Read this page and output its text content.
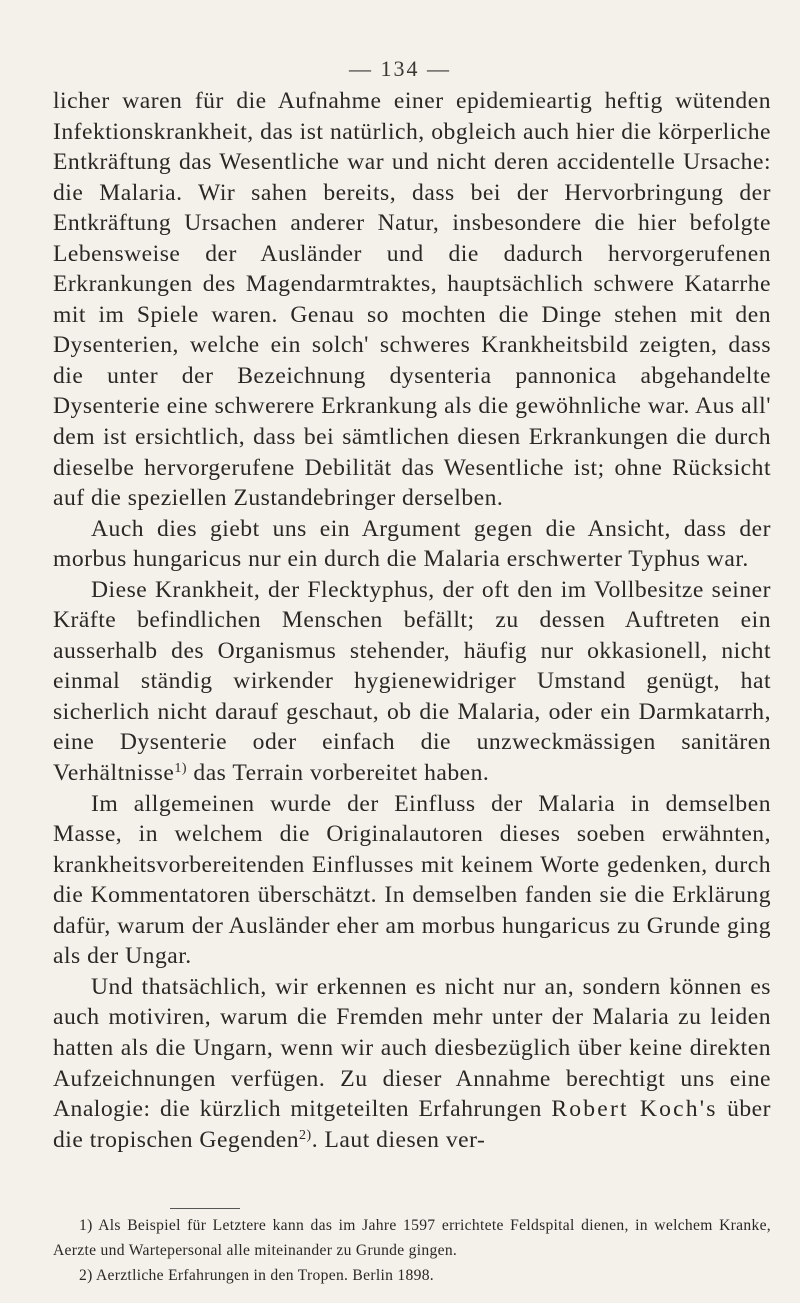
— 134 —

licher waren für die Aufnahme einer epidemieartig heftig wütenden Infektionskrankheit, das ist natürlich, obgleich auch hier die körperliche Entkräftung das Wesentliche war und nicht deren accidentelle Ursache: die Malaria. Wir sahen bereits, dass bei der Hervorbringung der Entkräftung Ursachen anderer Natur, insbesondere die hier befolgte Lebensweise der Ausländer und die dadurch hervorgerufenen Erkrankungen des Magendarmtraktes, hauptsächlich schwere Katarrhe mit im Spiele waren. Genau so mochten die Dinge stehen mit den Dysenterien, welche ein solch' schweres Krankheitsbild zeigten, dass die unter der Bezeichnung dysenteria pannonica abgehandelte Dysenterie eine schwerere Erkrankung als die gewöhnliche war. Aus all' dem ist ersichtlich, dass bei sämtlichen diesen Erkrankungen die durch dieselbe hervorgerufene Debilität das Wesentliche ist; ohne Rücksicht auf die speziellen Zustandebringer derselben.

Auch dies giebt uns ein Argument gegen die Ansicht, dass der morbus hungaricus nur ein durch die Malaria erschwerter Typhus war.

Diese Krankheit, der Flecktyphus, der oft den im Vollbesitze seiner Kräfte befindlichen Menschen befällt; zu dessen Auftreten ein ausserhalb des Organismus stehender, häufig nur okkasionell, nicht einmal ständig wirkender hygienewidriger Umstand genügt, hat sicherlich nicht darauf geschaut, ob die Malaria, oder ein Darmkatarrh, eine Dysenterie oder einfach die unzweckmässigen sanitären Verhältnisse$^{1)}$ das Terrain vorbereitet haben.

Im allgemeinen wurde der Einfluss der Malaria in demselben Masse, in welchem die Originalautoren dieses soeben erwähnten, krankheitsvorbereitenden Einflusses mit keinem Worte gedenken, durch die Kommentatoren überschätzt. In demselben fanden sie die Erklärung dafür, warum der Ausländer eher am morbus hungaricus zu Grunde ging als der Ungar.

Und thatsächlich, wir erkennen es nicht nur an, sondern können es auch motiviren, warum die Fremden mehr unter der Malaria zu leiden hatten als die Ungarn, wenn wir auch diesbezüglich über keine direkten Aufzeichnungen verfügen. Zu dieser Annahme berechtigt uns eine Analogie: die kürzlich mitgeteilten Erfahrungen Robert Koch's über die tropischen Gegenden$^{2)}$. Laut diesen ver-

1) Als Beispiel für Letztere kann das im Jahre 1597 errichtete Feldspital dienen, in welchem Kranke, Aerzte und Wartepersonal alle miteinander zu Grunde gingen.

2) Aerztliche Erfahrungen in den Tropen. Berlin 1898.
